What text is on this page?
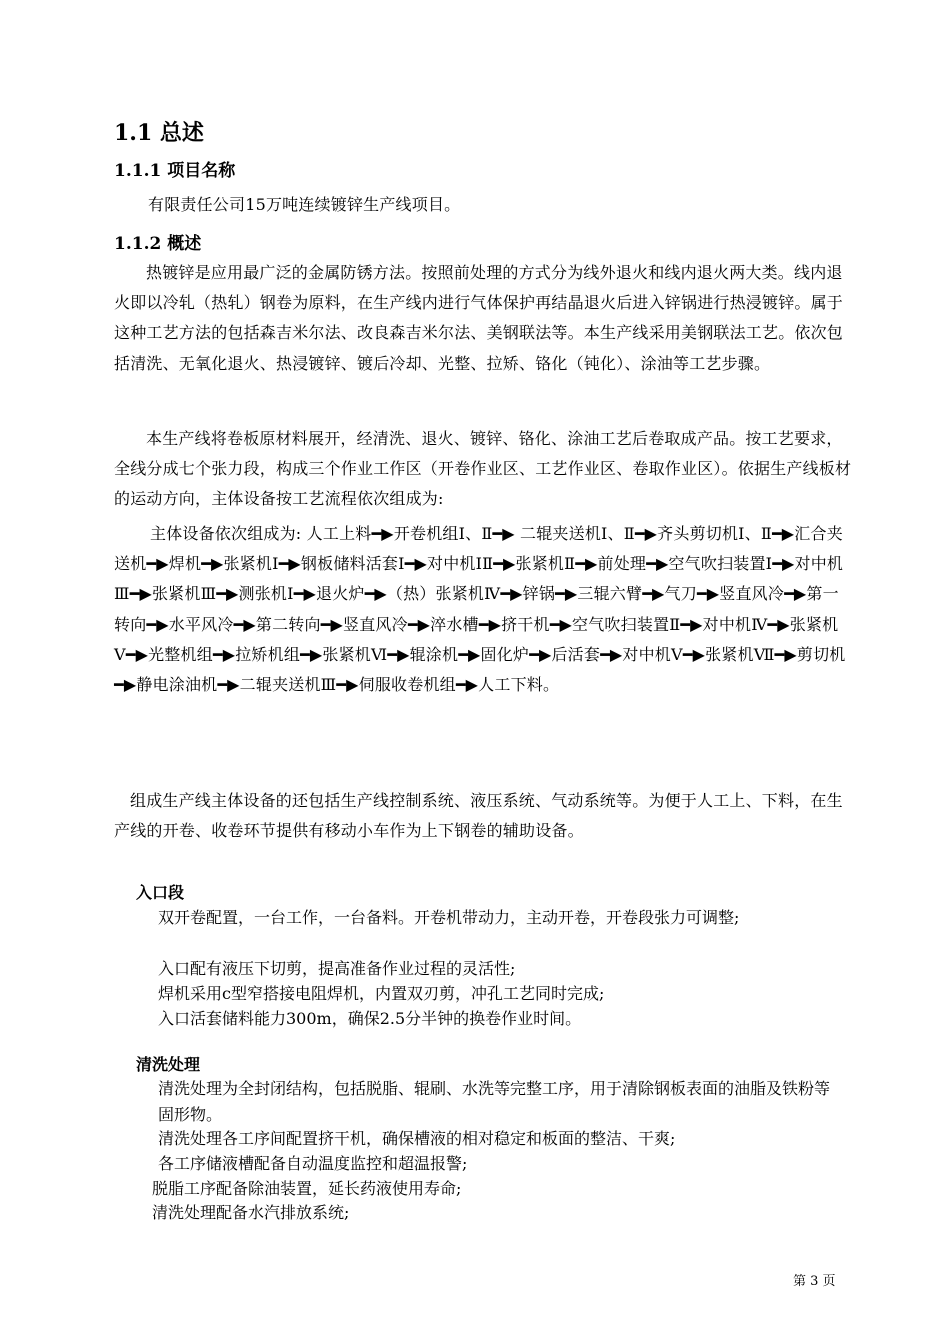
1.1 总述
1.1.1 项目名称
有限责任公司15万吨连续镀锌生产线项目。
1.1.2 概述
热镀锌是应用最广泛的金属防锈方法。按照前处理的方式分为线外退火和线内退火两大类。线内退火即以冷轧（热轧）钢卷为原料，在生产线内进行气体保护再结晶退火后进入锌锅进行热浸镀锌。属于这种工艺方法的包括森吉米尔法、改良森吉米尔法、美钢联法等。本生产线采用美钢联法工艺。依次包括清洗、无氧化退火、热浸镀锌、镀后冷却、光整、拉矫、铬化（钝化）、涂油等工艺步骤。
本生产线将卷板原材料展开，经清洗、退火、镀锌、铬化、涂油工艺后卷取成产品。按工艺要求，全线分成七个张力段，构成三个作业工作区（开卷作业区、工艺作业区、卷取作业区）。依据生产线板材的运动方向，主体设备按工艺流程依次组成为:
主体设备依次组成为: 人工上料━▶开卷机组Ⅰ、Ⅱ━▶ 二辊夹送机Ⅰ、Ⅱ━▶齐头剪切机Ⅰ、Ⅱ━▶汇合夹送机━▶焊机━▶张紧机Ⅰ━▶钢板储料活套Ⅰ━▶对中机ⅠⅡ━▶张紧机Ⅱ━▶前处理━▶空气吹扫装置Ⅰ━▶对中机Ⅲ━▶张紧机Ⅲ━▶测张机Ⅰ━▶退火炉━▶（热）张紧机Ⅳ━▶锌锅━▶三辊六臂━▶气刀━▶竖直风冷━▶第一转向━▶水平风冷━▶第二转向━▶竖直风冷━▶淬水槽━▶挤干机━▶空气吹扫装置Ⅱ━▶对中机Ⅳ━▶张紧机Ⅴ━▶光整机组━▶拉矫机组━▶张紧机Ⅵ━▶辊涂机━▶固化炉━▶后活套━▶对中机Ⅴ━▶张紧机Ⅶ━▶剪切机━▶静电涂油机━▶二辊夹送机Ⅲ━▶伺服收卷机组━▶人工下料。
组成生产线主体设备的还包括生产线控制系统、液压系统、气动系统等。为便于人工上、下料，在生产线的开卷、收卷环节提供有移动小车作为上下钢卷的辅助设备。
入口段
双开卷配置，一台工作，一台备料。开卷机带动力，主动开卷，开卷段张力可调整;
入口配有液压下切剪，提高准备作业过程的灵活性;
焊机采用c型窄搭接电阻焊机，内置双刃剪，冲孔工艺同时完成;
入口活套储料能力300m，确保2.5分半钟的换卷作业时间。
清洗处理
清洗处理为全封闭结构，包括脱脂、辊刷、水洗等完整工序，用于清除钢板表面的油脂及铁粉等固形物。
清洗处理各工序间配置挤干机，确保槽液的相对稳定和板面的整洁、干爽;
各工序储液槽配备自动温度监控和超温报警;
脱脂工序配备除油装置，延长药液使用寿命;
清洗处理配备水汽排放系统;
第 3 页
